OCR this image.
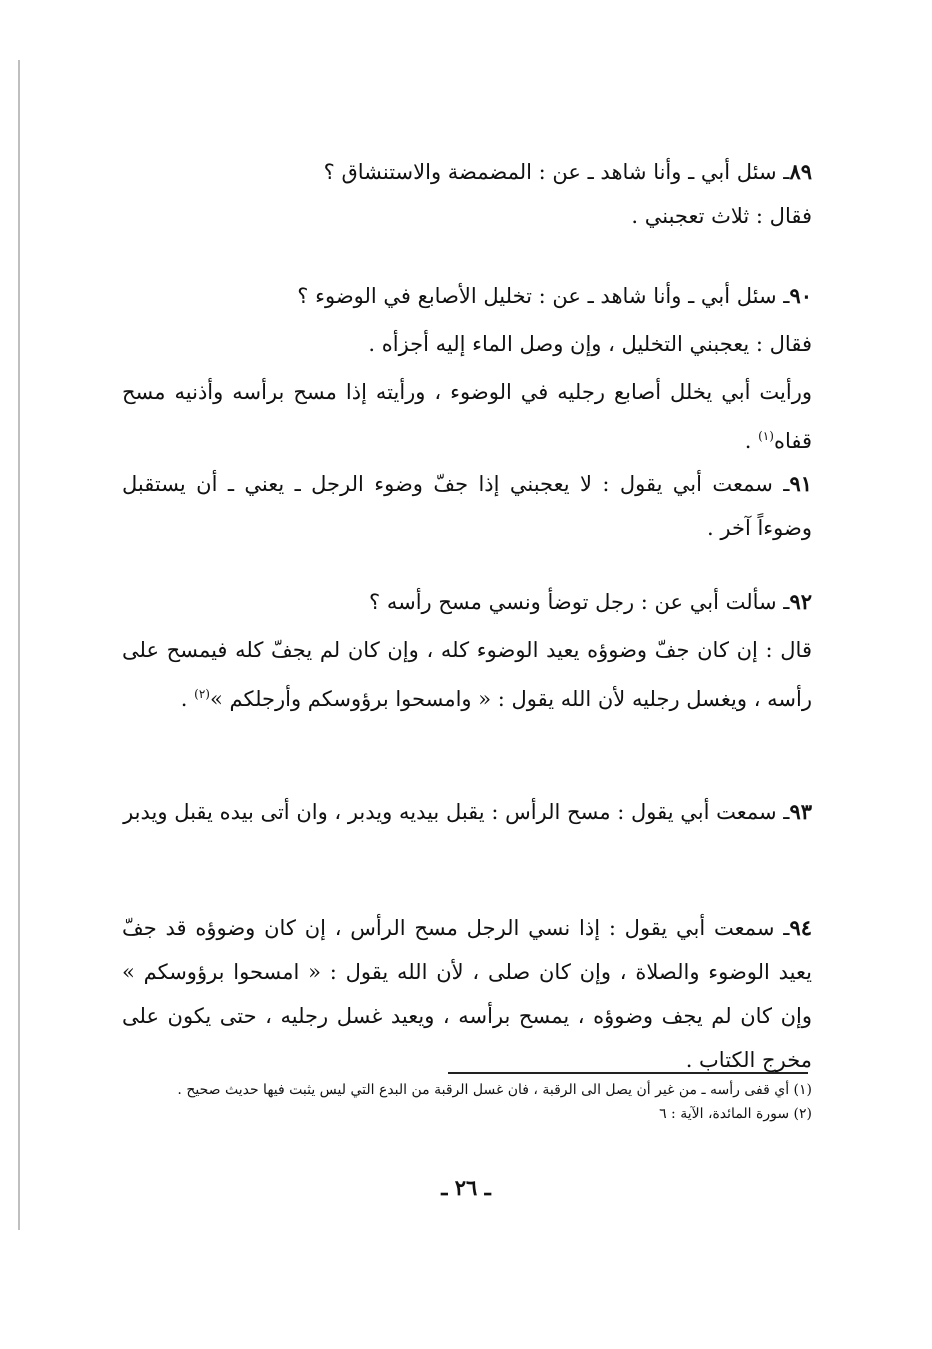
٨٩ـ سئل أبي ـ وأنا شاهد ـ عن : المضمضة والاستنشاق ؟
فقال : ثلاث تعجبني .
٩٠ـ سئل أبي ـ وأنا شاهد ـ عن : تخليل الأصابع في الوضوء ؟
فقال : يعجبني التخليل ، وإن وصل الماء إليه أجزأه .
ورأيت أبي يخلل أصابع رجليه في الوضوء ، ورأيته إذا مسح برأسه وأذنيه مسح قفاه$^{(١)}$ .
٩١ـ سمعت أبي يقول : لا يعجبني إذا جفّ وضوء الرجل ـ يعني ـ أن يستقبل وضوءاً آخر .
٩٢ـ سألت أبي عن : رجل توضأ ونسي مسح رأسه ؟
قال : إن كان جفّ وضوؤه يعيد الوضوء كله ، وإن كان لم يجفّ كله فيمسح على رأسه ، ويغسل رجليه لأن الله يقول : « وامسحوا برؤوسكم وأرجلكم »$^{(٢)}$ .
٩٣ـ سمعت أبي يقول : مسح الرأس : يقبل بيديه ويدبر ، وان أتى بيده يقبل ويدبر
٩٤ـ سمعت أبي يقول : إذا نسي الرجل مسح الرأس ، إن كان وضوؤه قد جفّ يعيد الوضوء والصلاة ، وإن كان صلى ، لأن الله يقول : « امسحوا برؤوسكم » وإن كان لم يجف وضوؤه ، يمسح برأسه ، ويعيد غسل رجليه ، حتى يكون على مخرج الكتاب .
(١) أي قفى رأسه ـ من غير أن يصل الى الرقبة ، فان غسل الرقبة من البدع التي ليس يثبت فيها حديث صحيح .
(٢) سورة المائدة، الآية : ٦
ـ ٢٦ ـ
